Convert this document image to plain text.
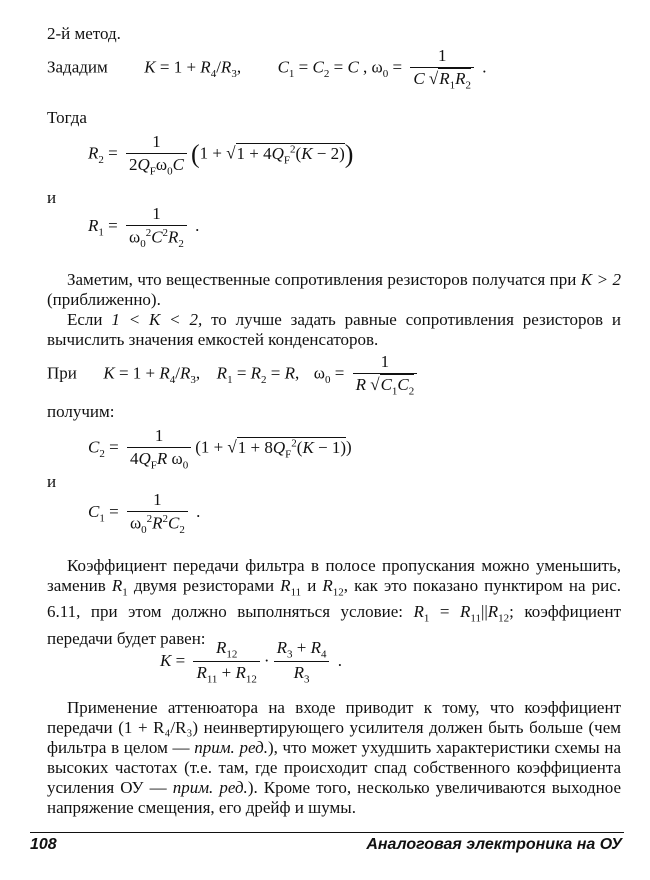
2-й метод.
Зададим $K = 1 + R_4/R_3$,  $C_1 = C_2 = C$ , $\omega_0 = \frac{1}{C √R_1R_2}$ .
Тогда
$R_2 = \frac{1}{2Q_F\omega_0C} (1 + √1 + 4Q_F^2(K - 2))$
и
$R_1 = \frac{1}{\omega_0^2C^2R_2}$ .
Заметим, что вещественные сопротивления резисторов получатся при K > 2 (приближенно).
Если 1 < K < 2, то лучше задать равные сопротивления резисторов и вычислить значения емкостей конденсаторов.
При $K = 1 + R_4/R_3$,  $R_1 = R_2 = R$,  $\omega_0 = \frac{1}{R √C_1C_2}$
получим:
$C_2 = \frac{1}{4Q_FR \omega_0} (1 + √1 + 8Q_F^2(K - 1))$
и
$C_1 = \frac{1}{\omega_0^2R^2C_2}$ .
Коэффициент передачи фильтра в полосе пропускания можно уменьшить, заменив $R_1$ двумя резисторами $R_{11}$ и $R_{12}$, как это показано пунктиром на рис. 6.11, при этом должно выполняться условие: $R_1 = R_{11}||R_{12}$; коэффициент передачи будет равен:
$K = \frac{R_{12}}{R_{11} + R_{12}} \cdot \frac{R_3 + R_4}{R_3}$ .
Применение аттенюатора на входе приводит к тому, что коэффициент передачи (1 + R₄/R₃) неинвертирующего усилителя должен быть больше (чем фильтра в целом — прим. ред.), что может ухудшить характеристики схемы на высоких частотах (т.е. там, где происходит спад собственного коэффициента усиления ОУ — прим. ред.). Кроме того, несколько увеличиваются выходное напряжение смещения, его дрейф и шумы.
108	Аналоговая электроника на ОУ
